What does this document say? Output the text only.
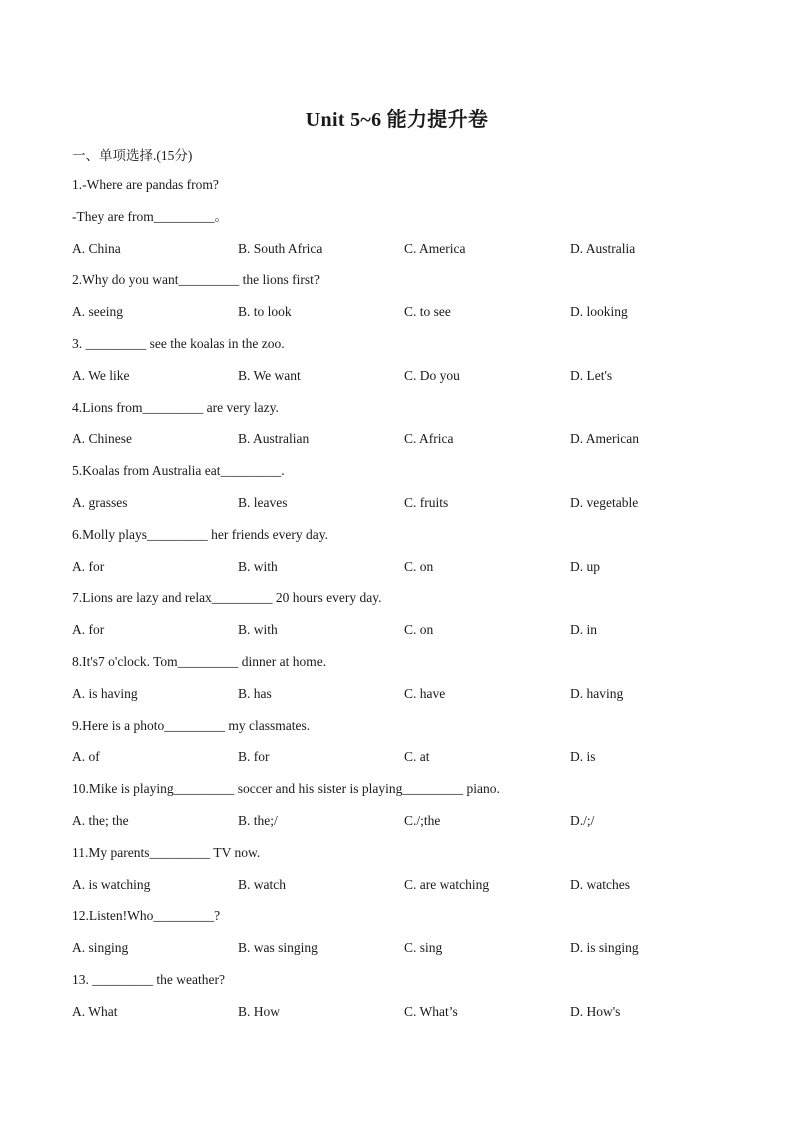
Unit 5~6 能力提升卷
一、单项选择.(15分)
1.-Where are pandas from?
-They are from_________。
A. China	B. South Africa	C. America	D. Australia
2.Why do you want_________ the lions first?
A. seeing	B. to look	C. to see	D. looking
3. _________ see the koalas in the zoo.
A. We like	B. We want	C. Do you	D. Let's
4.Lions from_________ are very lazy.
A. Chinese	B. Australian	C. Africa	D. American
5.Koalas from Australia eat_________.
A. grasses	B. leaves	C. fruits	D. vegetable
6.Molly plays_________ her friends every day.
A. for	B. with	C. on	D. up
7.Lions are lazy and relax_________ 20 hours every day.
A. for	B. with	C. on	D. in
8.It's7 o'clock. Tom_________ dinner at home.
A. is having	B. has	C. have	D. having
9.Here is a photo_________ my classmates.
A. of	B. for	C. at	D. is
10.Mike is playing_________ soccer and his sister is playing_________ piano.
A. the; the	B. the;/	C./;the	D./;/
11.My parents_________ TV now.
A. is watching	B. watch	C. are watching	D. watches
12.Listen!Who_________?
A. singing	B. was singing	C. sing	D. is singing
13. _________ the weather?
A. What	B. How	C. What’s	D. How's
